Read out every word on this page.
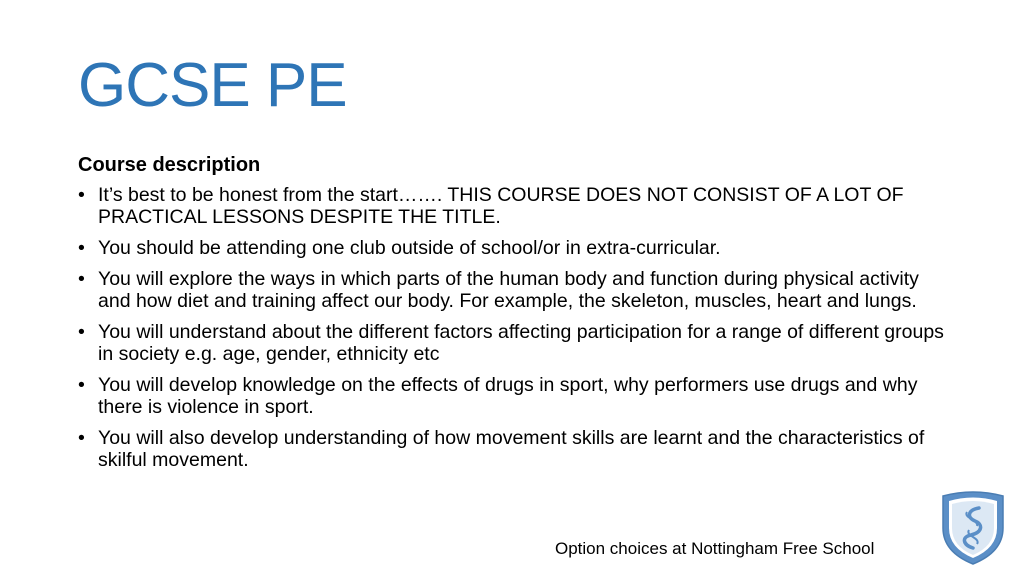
GCSE PE
Course description
• It’s best to be honest from the start……. THIS COURSE DOES NOT CONSIST OF A LOT OF PRACTICAL LESSONS DESPITE THE TITLE.
• You should be attending one club outside of school/or in extra-curricular.
• You will explore the ways in which parts of the human body and function during physical activity and how diet and training affect our body. For example, the skeleton, muscles, heart and lungs.
• You will understand about the different factors affecting participation for a range of different groups in society e.g. age, gender, ethnicity etc
• You will develop knowledge on the effects of drugs in sport, why performers use drugs and why there is violence in sport.
• You will also develop understanding of how movement skills are learnt and the characteristics of skilful movement.
Option choices at Nottingham Free School
